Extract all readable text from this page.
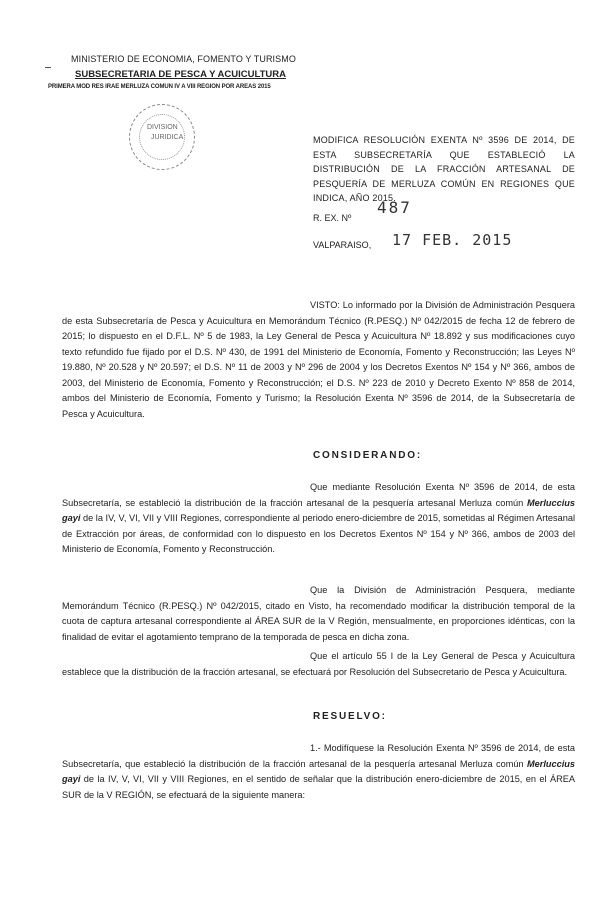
MINISTERIO DE ECONOMIA, FOMENTO Y TURISMO
SUBSECRETARIA DE PESCA Y ACUICULTURA
PRIMERA MOD RES IRAE MERLUZA COMUN IV A VIII REGION POR AREAS 2015
DIVISION
JURIDICA	MODIFICA RESOLUCIÓN EXENTA Nº 3596 DE 2014, DE ESTA SUBSECRETARÍA QUE ESTABLECIÓ LA DISTRIBUCIÓN DE LA FRACCIÓN ARTESANAL DE PESQUERÍA DE MERLUZA COMÚN EN REGIONES QUE INDICA, AÑO 2015.
R. EX. Nº
487
VALPARAISO, 17 FEB. 2015
VISTO: Lo informado por la División de Administración Pesquera de esta Subsecretaría de Pesca y Acuicultura en Memorándum Técnico (R.PESQ.) Nº 042/2015 de fecha 12 de febrero de 2015; lo dispuesto en el D.F.L. Nº 5 de 1983, la Ley General de Pesca y Acuicultura Nº 18.892 y sus modificaciones cuyo texto refundido fue fijado por el D.S. Nº 430, de 1991 del Ministerio de Economía, Fomento y Reconstrucción; las Leyes Nº 19.880, Nº 20.528 y Nº 20.597; el D.S. Nº 11 de 2003 y Nº 296 de 2004 y los Decretos Exentos Nº 154 y Nº 366, ambos de 2003, del Ministerio de Economía, Fomento y Reconstrucción; el D.S. Nº 223 de 2010 y Decreto Exento Nº 858 de 2014, ambos del Ministerio de Economía, Fomento y Turismo; la Resolución Exenta Nº 3596 de 2014, de la Subsecretaría de Pesca y Acuicultura.
CONSIDERANDO:
Que mediante Resolución Exenta Nº 3596 de 2014, de esta Subsecretaría, se estableció la distribución de la fracción artesanal de la pesquería artesanal Merluza común Merluccius gayi de la IV, V, VI, VII y VIII Regiones, correspondiente al periodo enero-diciembre de 2015, sometidas al Régimen Artesanal de Extracción por áreas, de conformidad con lo dispuesto en los Decretos Exentos Nº 154 y Nº 366, ambos de 2003 del Ministerio de Economía, Fomento y Reconstrucción.
Que la División de Administración Pesquera, mediante Memorándum Técnico (R.PESQ.) Nº 042/2015, citado en Visto, ha recomendado modificar la distribución temporal de la cuota de captura artesanal correspondiente al ÁREA SUR de la V Región, mensualmente, en proporciones idénticas, con la finalidad de evitar el agotamiento temprano de la temporada de pesca en dicha zona.
Que el artículo 55 I de la Ley General de Pesca y Acuicultura establece que la distribución de la fracción artesanal, se efectuará por Resolución del Subsecretario de Pesca y Acuicultura.
RESUELVO:
1.- Modifíquese la Resolución Exenta Nº 3596 de 2014, de esta Subsecretaría, que estableció la distribución de la fracción artesanal de la pesquería artesanal Merluza común Merluccius gayi de la IV, V, VI, VII y VIII Regiones, en el sentido de señalar que la distribución enero-diciembre de 2015, en el ÁREA SUR de la V REGIÓN, se efectuará de la siguiente manera:
